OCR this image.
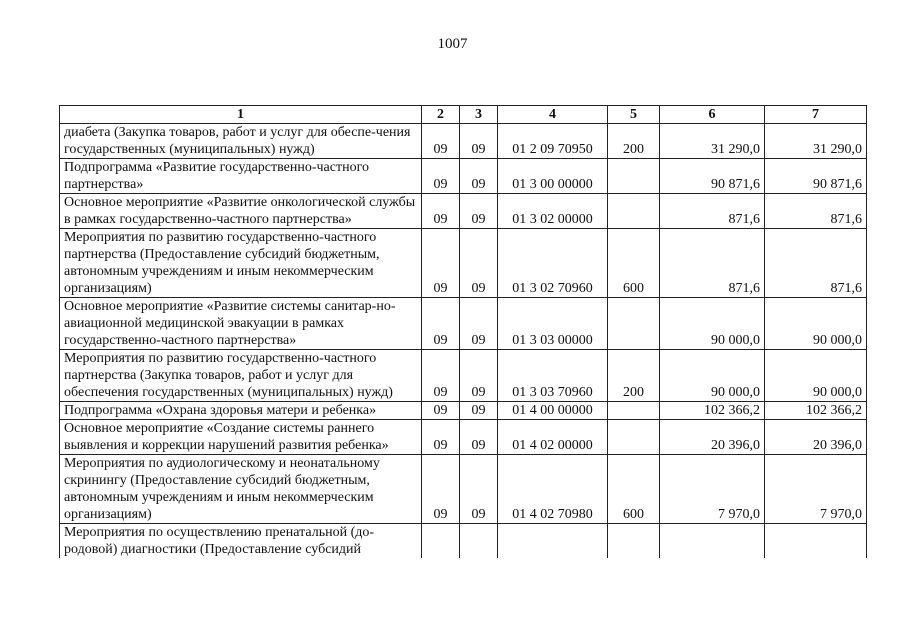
1007
1	2	3	4	5	6	7
диабета (Закупка товаров, работ и услуг для обеспе-чения государственных (муниципальных) нужд)	09	09	01 2 09 70950	200	31 290,0	31 290,0
Подпрограмма «Развитие государственно-частного партнерства»	09	09	01 3 00 00000		90 871,6	90 871,6
Основное мероприятие «Развитие онкологической службы в рамках государственно-частного партнерства»	09	09	01 3 02 00000		871,6	871,6
Мероприятия по развитию государственно-частного партнерства (Предоставление субсидий бюджетным, автономным учреждениям и иным некоммерческим организациям)	09	09	01 3 02 70960	600	871,6	871,6
Основное мероприятие «Развитие системы санитар-но-авиационной медицинской эвакуации в рамках государственно-частного партнерства»	09	09	01 3 03 00000		90 000,0	90 000,0
Мероприятия по развитию государственно-частного партнерства (Закупка товаров, работ и услуг для обеспечения государственных (муниципальных) нужд)	09	09	01 3 03 70960	200	90 000,0	90 000,0
Подпрограмма «Охрана здоровья матери и ребенка»	09	09	01 4 00 00000		102 366,2	102 366,2
Основное мероприятие «Создание системы раннего выявления и коррекции нарушений развития ребенка»	09	09	01 4 02 00000		20 396,0	20 396,0
Мероприятия по аудиологическому и неонатальному скринингу (Предоставление субсидий бюджетным, автономным учреждениям и иным некоммерческим организациям)	09	09	01 4 02 70980	600	7 970,0	7 970,0
Мероприятия по осуществлению пренатальной (до-родовой) диагностики (Предоставление субсидий						
